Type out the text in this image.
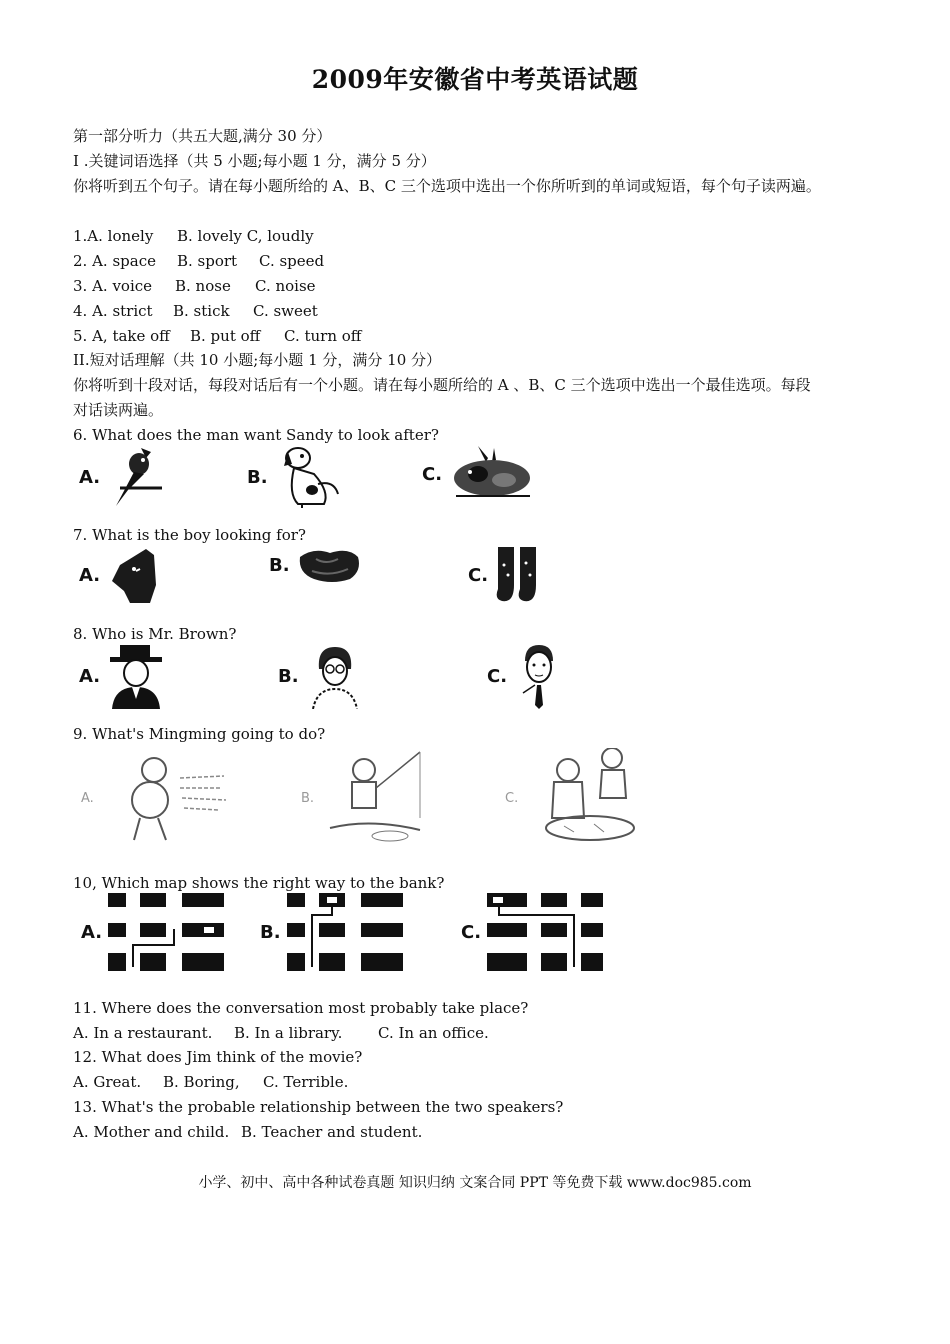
2009年安徽省中考英语试题
第一部分听力（共五大题,满分 30 分）
I .关键词语选择（共 5 小题;每小题 1 分，满分 5 分）
你将听到五个句子。请在每小题所给的 A、B、C 三个选项中选出一个你所听到的单词或短语，每个句子读两遍。
1.A. lonely B. lovely C, loudly
2. A. space B. sport C. speed
3. A. voice B. nose C. noise
4. A. strict B. stick C. sweet
5. A, take off B. put off C. turn off
II.短对话理解（共 10 小题;每小题 1 分，满分 10 分）
你将听到十段对话，每段对话后有一个小题。请在每小题所给的 A 、B、C 三个选项中选出一个最佳选项。每段
对话读两遍。
6. What does the man want Sandy to look after?
A.	B.	C.
7. What is the boy looking for?
A.	B.	C.
8. Who is Mr. Brown?
A.	B.	C.
9. What's Mingming going to do?
A.	B.	C.
10, Which map shows the right way to the bank?
A.	B.	C.
11. Where does the conversation most probably take place?
A. In a restaurant. B. In a library. C. In an office.
12. What does Jim think of the movie?
A. Great. B. Boring, C. Terrible.
13. What's the probable relationship between the two speakers?
A. Mother and child. B. Teacher and student.
小学、初中、高中各种试卷真题 知识归纳 文案合同 PPT 等免费下载 www.doc985.com
